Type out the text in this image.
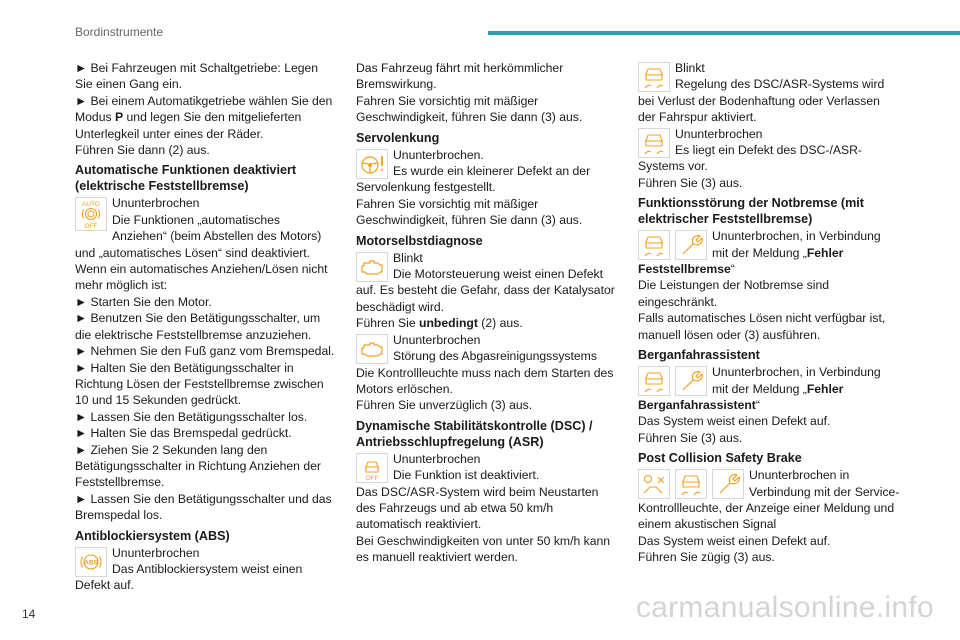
Bordinstrumente

► Bei Fahrzeugen mit Schaltgetriebe: Legen Sie einen Gang ein.

► Bei einem Automatikgetriebe wählen Sie den Modus P und legen Sie den mitgelieferten Unterlegkeil unter eines der Räder.

Führen Sie dann (2) aus.

Automatische Funktionen deaktiviert (elektrische Feststellbremse)
AUTO
OFF

Ununterbrochen

Die Funktionen „automatisches Anziehen“ (beim Abstellen des Motors) und „automatisches Lösen“ sind deaktiviert.

Wenn ein automatisches Anziehen/Lösen nicht mehr möglich ist:

► Starten Sie den Motor.

► Benutzen Sie den Betätigungsschalter, um die elektrische Feststellbremse anzuziehen.

► Nehmen Sie den Fuß ganz vom Bremspedal.

► Halten Sie den Betätigungsschalter in Richtung Lösen der Feststellbremse zwischen 10 und 15 Sekunden gedrückt.

► Lassen Sie den Betätigungsschalter los.

► Halten Sie das Bremspedal gedrückt.

► Ziehen Sie 2 Sekunden lang den Betätigungsschalter in Richtung Anziehen der Feststellbremse.

► Lassen Sie den Betätigungsschalter und das Bremspedal los.

Antiblockiersystem (ABS)
ABS

Ununterbrochen

Das Antiblockiersystem weist einen Defekt auf.

Das Fahrzeug fährt mit herkömmlicher Bremswirkung.

Fahren Sie vorsichtig mit mäßiger Geschwindigkeit, führen Sie dann (3) aus.

Servolenkung

Ununterbrochen.

Es wurde ein kleinerer Defekt an der Servolenkung festgestellt.

Fahren Sie vorsichtig mit mäßiger Geschwindigkeit, führen Sie dann (3) aus.

Motorselbstdiagnose

Blinkt

Die Motorsteuerung weist einen Defekt auf. Es besteht die Gefahr, dass der Katalysator beschädigt wird.

Führen Sie unbedingt (2) aus.

Ununterbrochen

Störung des Abgasreinigungssystems

Die Kontrollleuchte muss nach dem Starten des Motors erlöschen.

Führen Sie unverzüglich (3) aus.

Dynamische Stabilitätskontrolle (DSC) / Antriebsschlupfregelung (ASR)
OFF

Ununterbrochen

Die Funktion ist deaktiviert.

Das DSC/ASR-System wird beim Neustarten des Fahrzeugs und ab etwa 50 km/h automatisch reaktiviert.

Bei Geschwindigkeiten von unter 50 km/h kann es manuell reaktiviert werden.

Blinkt

Regelung des DSC/ASR-Systems wird bei Verlust der Bodenhaftung oder Verlassen der Fahrspur aktiviert.

Ununterbrochen

Es liegt ein Defekt des DSC-/ASR-Systems vor.

Führen Sie (3) aus.

Funktionsstörung der Notbremse (mit elektrischer Feststellbremse)

Ununterbrochen, in Verbindung mit der Meldung „Fehler Feststellbremse“

Die Leistungen der Notbremse sind eingeschränkt.

Falls automatisches Lösen nicht verfügbar ist, manuell lösen oder (3) ausführen.

Berganfahrassistent

Ununterbrochen, in Verbindung mit der Meldung „Fehler Berganfahrassistent“

Das System weist einen Defekt auf.

Führen Sie (3) aus.

Post Collision Safety Brake

Ununterbrochen in Verbindung mit der Service-Kontrollleuchte, der Anzeige einer Meldung und einem akustischen Signal

Das System weist einen Defekt auf.

Führen Sie zügig (3) aus.

14	carmanualsonline.info
